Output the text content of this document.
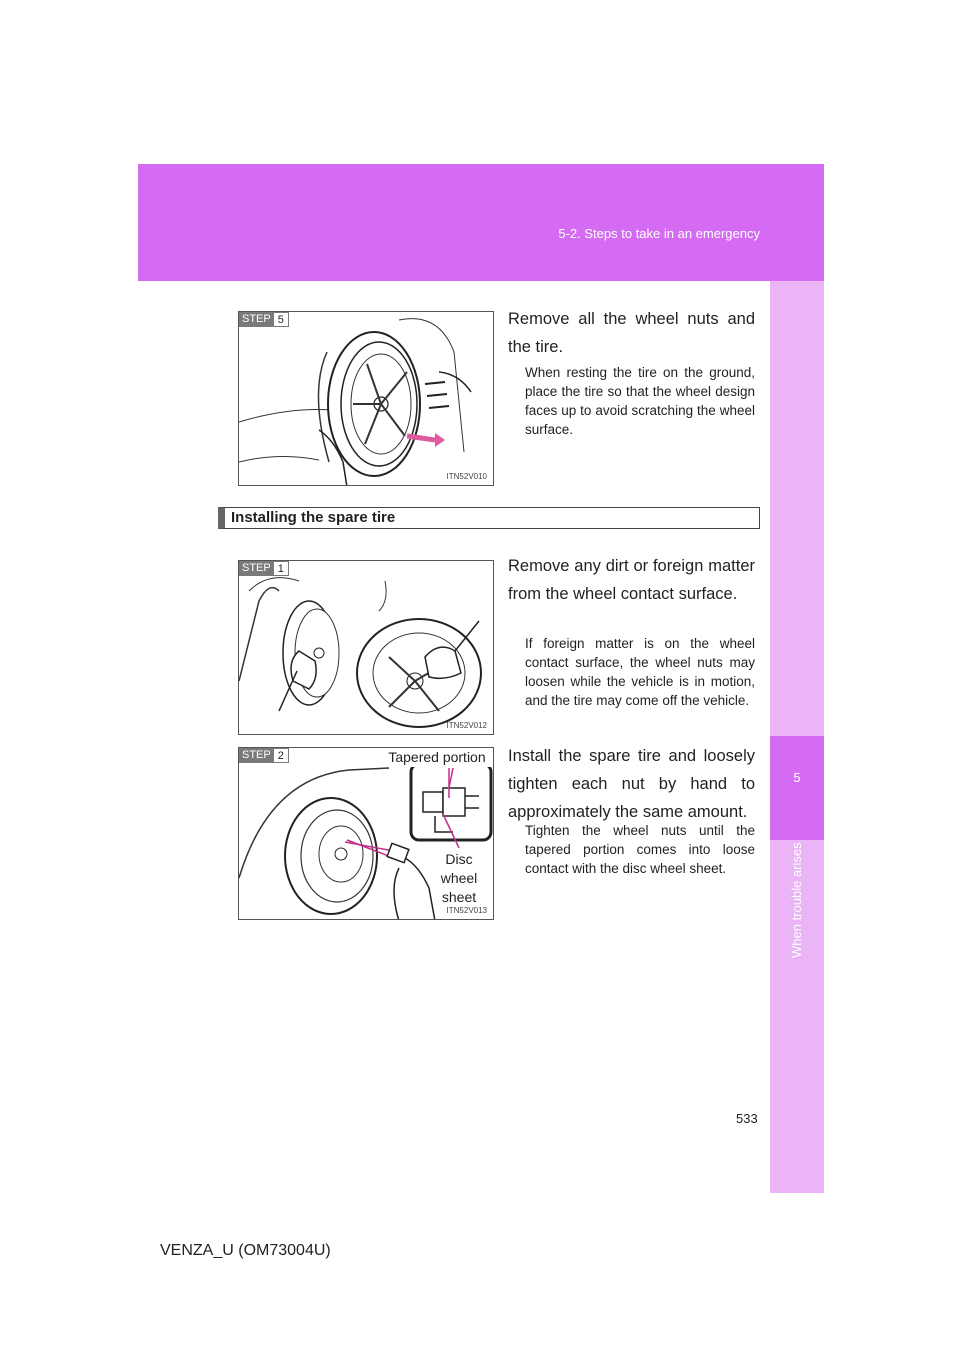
5-2. Steps to take in an emergency
5
When trouble arises
STEP 5
ITN52V010
Remove all the wheel nuts and the tire.
When resting the tire on the ground, place the tire so that the wheel design faces up to avoid scratching the wheel surface.
Installing the spare tire
STEP 1
ITN52V012
Remove any dirt or foreign matter from the wheel contact surface.
If foreign matter is on the wheel contact surface, the wheel nuts may loosen while the vehicle is in motion, and the tire may come off the vehicle.
STEP 2	Tapered portion
Disc wheel sheet
ITN52V013
Install the spare tire and loosely tighten each nut by hand to approximately the same amount.
Tighten the wheel nuts until the tapered portion comes into loose contact with the disc wheel sheet.
533
VENZA_U (OM73004U)
